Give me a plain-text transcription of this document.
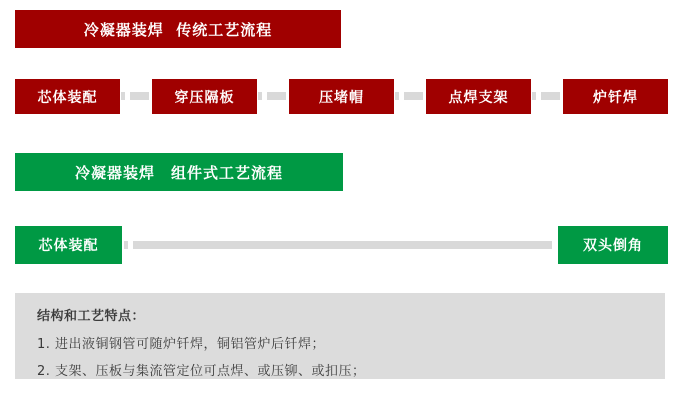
冷凝器装焊  传统工艺流程
芯体装配	穿压隔板	压堵帽	点焊支架	炉钎焊
冷凝器装焊　组件式工艺流程
芯体装配	双头倒角

结构和工艺特点：

1. 进出液铜钢管可随炉钎焊，铜铝管炉后钎焊；

2. 支架、压板与集流管定位可点焊、或压铆、或扣压；
